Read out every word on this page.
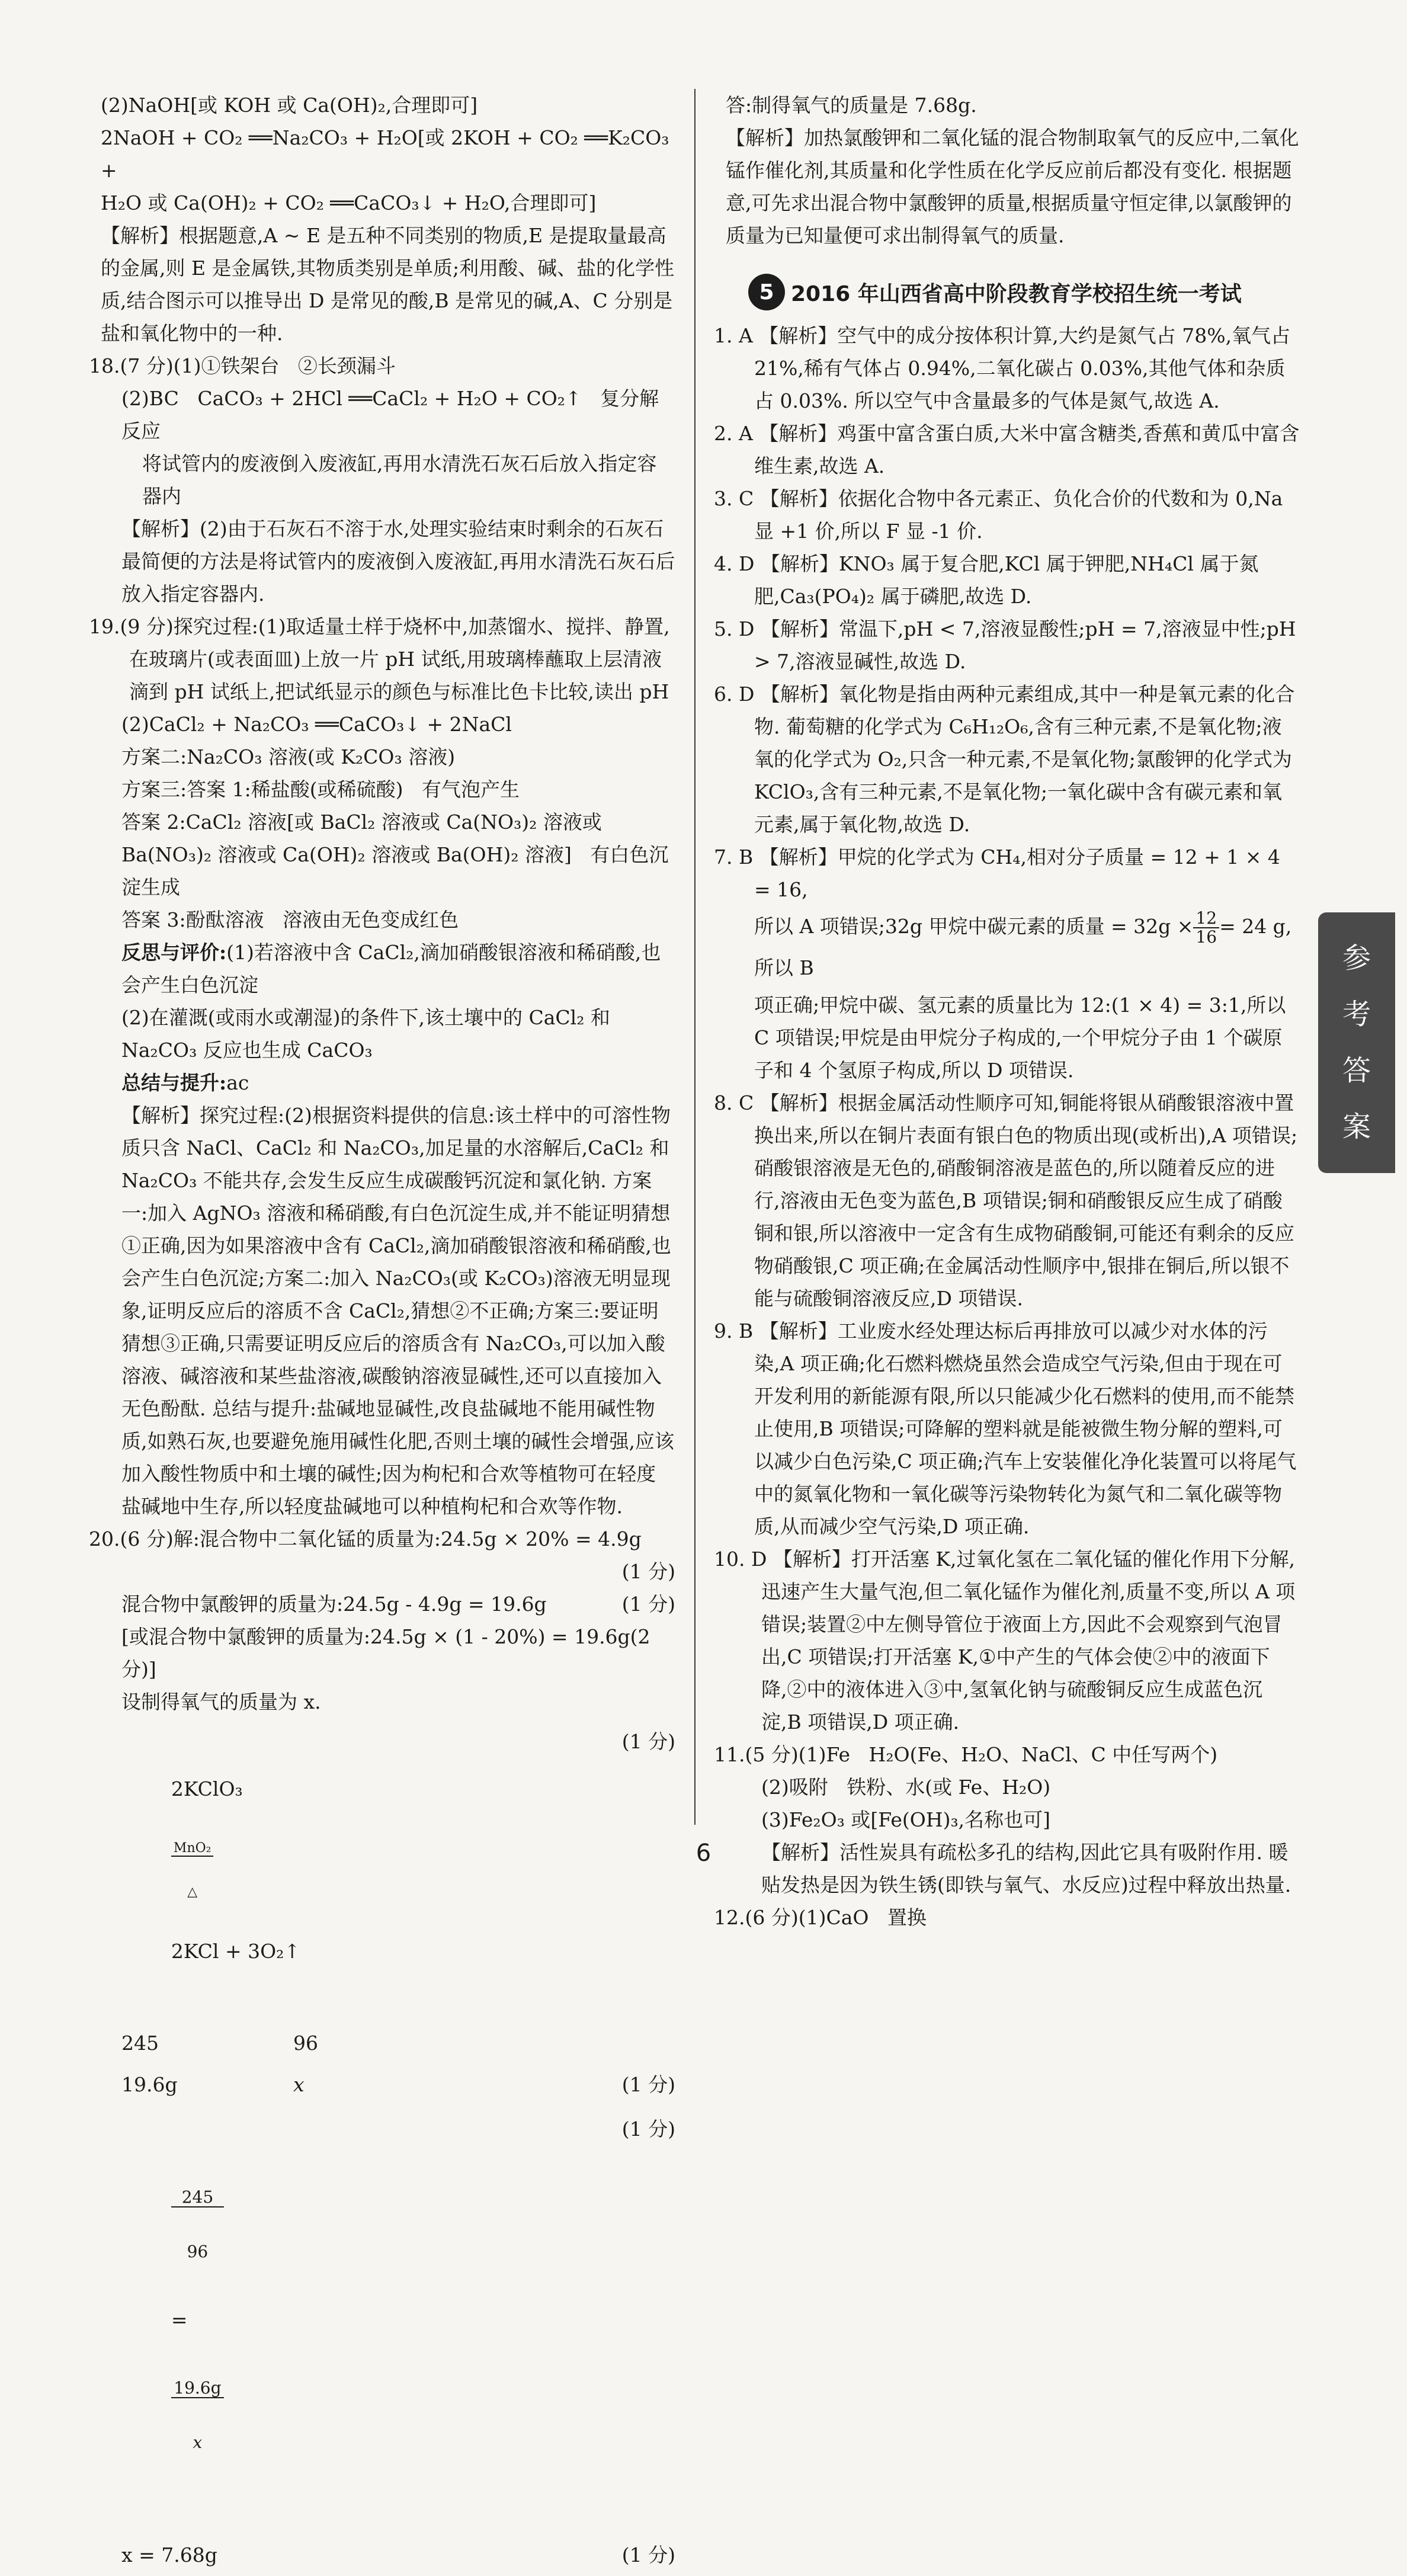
(2)NaOH[或 KOH 或 Ca(OH)₂,合理即可]

2NaOH + CO₂ ══Na₂CO₃ + H₂O[或 2KOH + CO₂ ══K₂CO₃ +

H₂O 或 Ca(OH)₂ + CO₂ ══CaCO₃↓ + H₂O,合理即可]

【解析】根据题意,A ~ E 是五种不同类别的物质,E 是提取量最高的金属,则 E 是金属铁,其物质类别是单质;利用酸、碱、盐的化学性质,结合图示可以推导出 D 是常见的酸,B 是常见的碱,A、C 分别是盐和氧化物中的一种.

18.(7 分)(1)①铁架台   ②长颈漏斗

(2)BC   CaCO₃ + 2HCl ══CaCl₂ + H₂O + CO₂↑   复分解反应

将试管内的废液倒入废液缸,再用水清洗石灰石后放入指定容器内

【解析】(2)由于石灰石不溶于水,处理实验结束时剩余的石灰石最简便的方法是将试管内的废液倒入废液缸,再用水清洗石灰石后放入指定容器内.

19.(9 分)探究过程:(1)取适量土样于烧杯中,加蒸馏水、搅拌、静置,在玻璃片(或表面皿)上放一片 pH 试纸,用玻璃棒蘸取上层清液滴到 pH 试纸上,把试纸显示的颜色与标准比色卡比较,读出 pH

(2)CaCl₂ + Na₂CO₃ ══CaCO₃↓ + 2NaCl

方案二:Na₂CO₃ 溶液(或 K₂CO₃ 溶液)

方案三:答案 1:稀盐酸(或稀硫酸)   有气泡产生

答案 2:CaCl₂ 溶液[或 BaCl₂ 溶液或 Ca(NO₃)₂ 溶液或 Ba(NO₃)₂ 溶液或 Ca(OH)₂ 溶液或 Ba(OH)₂ 溶液]   有白色沉淀生成

答案 3:酚酞溶液   溶液由无色变成红色

反思与评价:(1)若溶液中含 CaCl₂,滴加硝酸银溶液和稀硝酸,也会产生白色沉淀

(2)在灌溉(或雨水或潮湿)的条件下,该土壤中的 CaCl₂ 和 Na₂CO₃ 反应也生成 CaCO₃

总结与提升:ac

【解析】探究过程:(2)根据资料提供的信息:该土样中的可溶性物质只含 NaCl、CaCl₂ 和 Na₂CO₃,加足量的水溶解后,CaCl₂ 和 Na₂CO₃ 不能共存,会发生反应生成碳酸钙沉淀和氯化钠. 方案一:加入 AgNO₃ 溶液和稀硝酸,有白色沉淀生成,并不能证明猜想①正确,因为如果溶液中含有 CaCl₂,滴加硝酸银溶液和稀硝酸,也会产生白色沉淀;方案二:加入 Na₂CO₃(或 K₂CO₃)溶液无明显现象,证明反应后的溶质不含 CaCl₂,猜想②不正确;方案三:要证明猜想③正确,只需要证明反应后的溶质含有 Na₂CO₃,可以加入酸溶液、碱溶液和某些盐溶液,碳酸钠溶液显碱性,还可以直接加入无色酚酞. 总结与提升:盐碱地显碱性,改良盐碱地不能用碱性物质,如熟石灰,也要避免施用碱性化肥,否则土壤的碱性会增强,应该加入酸性物质中和土壤的碱性;因为枸杞和合欢等植物可在轻度盐碱地中生存,所以轻度盐碱地可以种植枸杞和合欢等作物.

20.(6 分)解:混合物中二氧化锰的质量为:24.5g × 20% = 4.9g
(1 分)
混合物中氯酸钾的质量为:24.5g - 4.9g = 19.6g	(1 分)

[或混合物中氯酸钾的质量为:24.5g × (1 - 20%) = 19.6g(2 分)]

设制得氧气的质量为 x.

2KClO₃

$\frac{\text{MnO₂}}{\triangle}$

2KCl + 3O₂↑

(1 分)
245	96
19.6g	x	(1 分)

$\frac{245}{96}$

=

$\frac{19.6g}{x}$

(1 分)
x = 7.68g	(1 分)

答:制得氧气的质量是 7.68g.

【解析】加热氯酸钾和二氧化锰的混合物制取氧气的反应中,二氧化锰作催化剂,其质量和化学性质在化学反应前后都没有变化. 根据题意,可先求出混合物中氯酸钾的质量,根据质量守恒定律,以氯酸钾的质量为已知量便可求出制得氧气的质量.

5 2016 年山西省高中阶段教育学校招生统一考试

1. A 【解析】空气中的成分按体积计算,大约是氮气占 78%,氧气占 21%,稀有气体占 0.94%,二氧化碳占 0.03%,其他气体和杂质占 0.03%. 所以空气中含量最多的气体是氮气,故选 A.

2. A 【解析】鸡蛋中富含蛋白质,大米中富含糖类,香蕉和黄瓜中富含维生素,故选 A.

3. C 【解析】依据化合物中各元素正、负化合价的代数和为 0,Na 显 +1 价,所以 F 显 -1 价.

4. D 【解析】KNO₃ 属于复合肥,KCl 属于钾肥,NH₄Cl 属于氮肥,Ca₃(PO₄)₂ 属于磷肥,故选 D.

5. D 【解析】常温下,pH < 7,溶液显酸性;pH = 7,溶液显中性;pH > 7,溶液显碱性,故选 D.

6. D 【解析】氧化物是指由两种元素组成,其中一种是氧元素的化合物. 葡萄糖的化学式为 C₆H₁₂O₆,含有三种元素,不是氧化物;液氧的化学式为 O₂,只含一种元素,不是氧化物;氯酸钾的化学式为 KClO₃,含有三种元素,不是氧化物;一氧化碳中含有碳元素和氧元素,属于氧化物,故选 D.

7. B 【解析】甲烷的化学式为 CH₄,相对分子质量 = 12 + 1 × 4 = 16,

所以 A 项错误;32g 甲烷中碳元素的质量 = $32g \times \frac{12}{16} = 24$ g,所以 B

项正确;甲烷中碳、氢元素的质量比为 12:(1 × 4) = 3:1,所以 C 项错误;甲烷是由甲烷分子构成的,一个甲烷分子由 1 个碳原子和 4 个氢原子构成,所以 D 项错误.

8. C 【解析】根据金属活动性顺序可知,铜能将银从硝酸银溶液中置换出来,所以在铜片表面有银白色的物质出现(或析出),A 项错误;硝酸银溶液是无色的,硝酸铜溶液是蓝色的,所以随着反应的进行,溶液由无色变为蓝色,B 项错误;铜和硝酸银反应生成了硝酸铜和银,所以溶液中一定含有生成物硝酸铜,可能还有剩余的反应物硝酸银,C 项正确;在金属活动性顺序中,银排在铜后,所以银不能与硫酸铜溶液反应,D 项错误.

9. B 【解析】工业废水经处理达标后再排放可以减少对水体的污染,A 项正确;化石燃料燃烧虽然会造成空气污染,但由于现在可开发利用的新能源有限,所以只能减少化石燃料的使用,而不能禁止使用,B 项错误;可降解的塑料就是能被微生物分解的塑料,可以减少白色污染,C 项正确;汽车上安装催化净化装置可以将尾气中的氮氧化物和一氧化碳等污染物转化为氮气和二氧化碳等物质,从而减少空气污染,D 项正确.

10. D 【解析】打开活塞 K,过氧化氢在二氧化锰的催化作用下分解,迅速产生大量气泡,但二氧化锰作为催化剂,质量不变,所以 A 项错误;装置②中左侧导管位于液面上方,因此不会观察到气泡冒出,C 项错误;打开活塞 K,①中产生的气体会使②中的液面下降,②中的液体进入③中,氢氧化钠与硫酸铜反应生成蓝色沉淀,B 项错误,D 项正确.

11.(5 分)(1)Fe   H₂O(Fe、H₂O、NaCl、C 中任写两个)

(2)吸附   铁粉、水(或 Fe、H₂O)

(3)Fe₂O₃ 或[Fe(OH)₃,名称也可]

【解析】活性炭具有疏松多孔的结构,因此它具有吸附作用. 暖贴发热是因为铁生锈(即铁与氧气、水反应)过程中释放出热量.

12.(6 分)(1)CaO   置换

参
考
答
案
6
